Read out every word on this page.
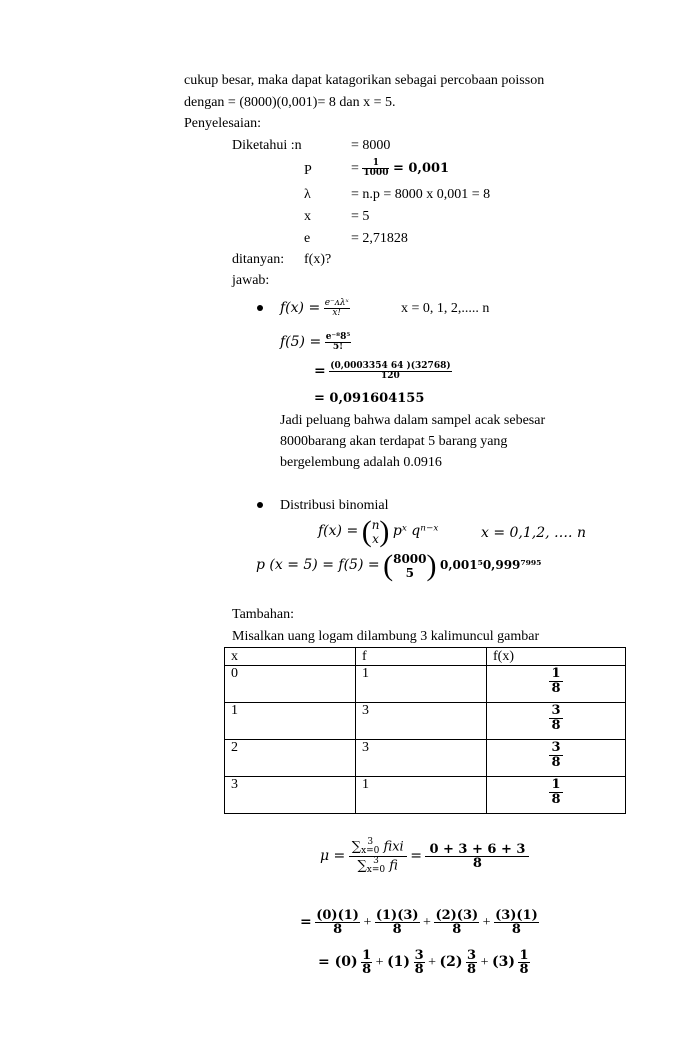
cukup besar, maka dapat katagorikan sebagai percobaan poisson
dengan = (8000)(0,001)= 8 dan x = 5.
Penyelesaian:
Diketahui :n	= 8000
P	= $\frac{1}{1000} = 0,001$
λ	= n.p = 8000 x 0,001 = 8
x	= 5
e	= 2,71828
ditanyan: f(x)?
jawab:
$f(x) = \frac{\text{e⁻ᴧλˣ}}{x!}$	x = 0, 1, 2,..... n
$f(5) = \frac{\text{e⁻⁸8⁵}}{5!}$
= $\frac{(0,0003354 64 )(32768)}{120}$
= 0,091604155
Jadi peluang bahwa dalam sampel acak sebesar
8000barang akan terdapat 5 barang yang
bergelembung adalah 0.0916
Distribusi binomial
f(x) = ( n
x ) pˣ qⁿ⁻ˣ	x = 0,1,2, …. n
p (x = 5) = f(5) = ( 8000
5 ) 0,001⁵0,999⁷⁹⁹⁵
Tambahan:
Misalkan uang logam dilambung 3 kalimuncul gambar
x	f	f(x)
0	1	$\frac{1}{8}$

1	3	$\frac{3}{8}$

2	3	$\frac{3}{8}$

3	1	$\frac{1}{8}$
μ = ∑ 3
x=0 fixi
∑ 3
x=0 fi = $\frac{0 + 3 + 6 + 3}{8}$
= $\frac{(0)(1)}{8} + \frac{(1)(3)}{8} + \frac{(2)(3)}{8} + \frac{(3)(1)}{8}$
= $(0) \frac{1}{8} + (1) \frac{3}{8} + (2) \frac{3}{8} + (3) \frac{1}{8}$
